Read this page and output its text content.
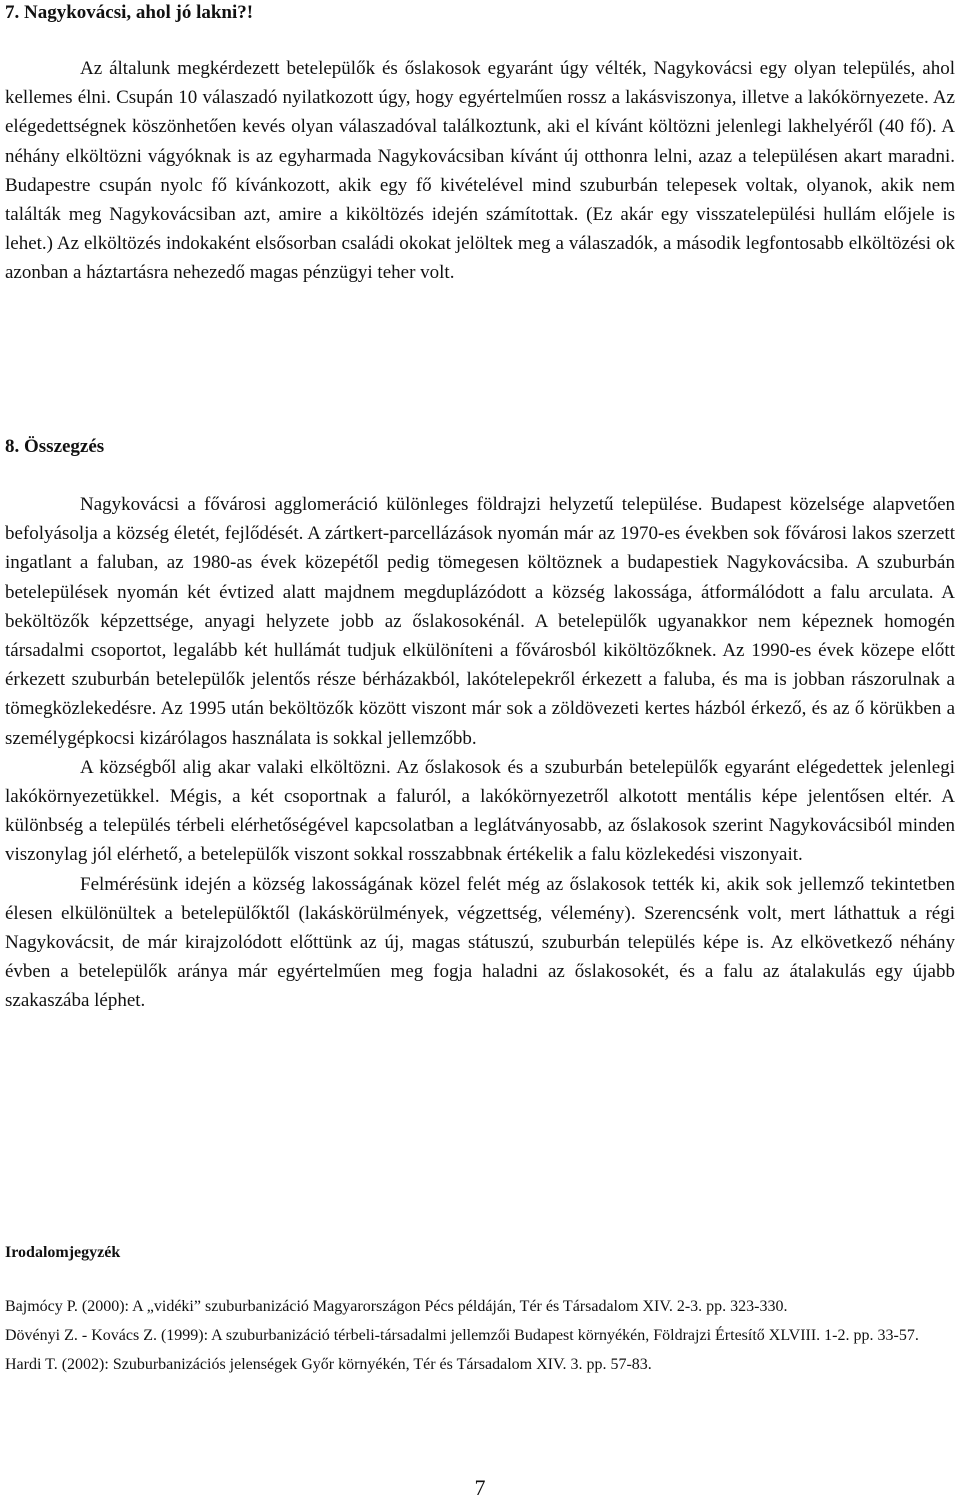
7. Nagykovácsi, ahol jó lakni?!

Az általunk megkérdezett betelepülők és őslakosok egyaránt úgy vélték, Nagykovácsi egy olyan település, ahol kellemes élni. Csupán 10 válaszadó nyilatkozott úgy, hogy egyértelműen rossz a lakásviszonya, illetve a lakókörnyezete. Az elégedettségnek köszönhetően kevés olyan válaszadóval találkoztunk, aki el kívánt költözni jelenlegi lakhelyéről (40 fő). A néhány elköltözni vágyóknak is az egyharmada Nagykovácsiban kívánt új otthonra lelni, azaz a településen akart maradni. Budapestre csupán nyolc fő kívánkozott, akik egy fő kivételével mind szuburbán telepesek voltak, olyanok, akik nem találták meg Nagykovácsiban azt, amire a kiköltözés idején számítottak. (Ez akár egy visszatelepülési hullám előjele is lehet.) Az elköltözés indokaként elsősorban családi okokat jelöltek meg a válaszadók, a második legfontosabb elköltözési ok azonban a háztartásra nehezedő magas pénzügyi teher volt.

8. Összegzés

Nagykovácsi a fővárosi agglomeráció különleges földrajzi helyzetű települése. Budapest közelsége alapvetően befolyásolja a község életét, fejlődését. A zártkert-parcellázások nyomán már az 1970-es években sok fővárosi lakos szerzett ingatlant a faluban, az 1980-as évek közepétől pedig tömegesen költöznek a budapestiek Nagykovácsiba. A szuburbán betelepülések nyomán két évtized alatt majdnem megduplázódott a község lakossága, átformálódott a falu arculata. A beköltözők képzettsége, anyagi helyzete jobb az őslakosokénál. A betelepülők ugyanakkor nem képeznek homogén társadalmi csoportot, legalább két hullámát tudjuk elkülöníteni a fővárosból kiköltözőknek. Az 1990-es évek közepe előtt érkezett szuburbán betelepülők jelentős része bérházakból, lakótelepekről érkezett a faluba, és ma is jobban rászorulnak a tömegközlekedésre. Az 1995 után beköltözők között viszont már sok a zöldövezeti kertes házból érkező, és az ő körükben a személygépkocsi kizárólagos használata is sokkal jellemzőbb.

A községből alig akar valaki elköltözni. Az őslakosok és a szuburbán betelepülők egyaránt elégedettek jelenlegi lakókörnyezetükkel. Mégis, a két csoportnak a faluról, a lakókörnyezetről alkotott mentális képe jelentősen eltér. A különbség a település térbeli elérhetőségével kapcsolatban a leglátványosabb, az őslakosok szerint Nagykovácsiból minden viszonylag jól elérhető, a betelepülők viszont sokkal rosszabbnak értékelik a falu közlekedési viszonyait.

Felmérésünk idején a község lakosságának közel felét még az őslakosok tették ki, akik sok jellemző tekintetben élesen elkülönültek a betelepülőktől (lakáskörülmények, végzettség, vélemény). Szerencsénk volt, mert láthattuk a régi Nagykovácsit, de már kirajzolódott előttünk az új, magas státuszú, szuburbán település képe is. Az elkövetkező néhány évben a betelepülők aránya már egyértelműen meg fogja haladni az őslakosokét, és a falu az átalakulás egy újabb szakaszába léphet.

Irodalomjegyzék

Bajmócy P. (2000): A „vidéki” szuburbanizáció Magyarországon Pécs példáján, Tér és Társadalom XIV. 2-3. pp. 323-330.

Dövényi Z. - Kovács Z. (1999): A szuburbanizáció térbeli-társadalmi jellemzői Budapest környékén, Földrajzi Értesítő XLVIII. 1-2. pp. 33-57.

Hardi T. (2002): Szuburbanizációs jelenségek Győr környékén, Tér és Társadalom XIV. 3. pp. 57-83.

7
